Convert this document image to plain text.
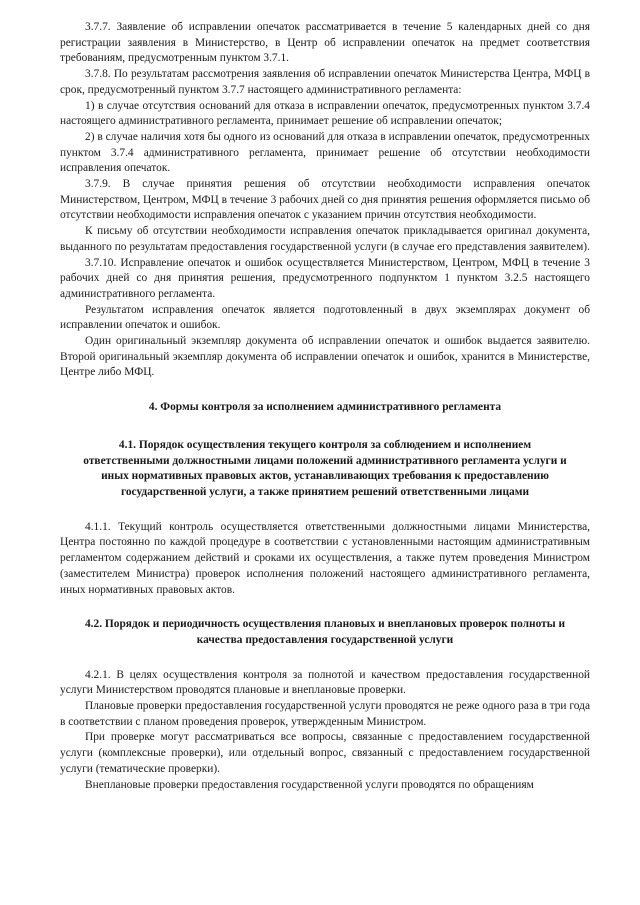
3.7.7. Заявление об исправлении опечаток рассматривается в течение 5 календарных дней со дня регистрации заявления в Министерство, в Центр об исправлении опечаток на предмет соответствия требованиям, предусмотренным пунктом 3.7.1.

3.7.8. По результатам рассмотрения заявления об исправлении опечаток Министерства Центра, МФЦ в срок, предусмотренный пунктом 3.7.7 настоящего административного регламента:

1) в случае отсутствия оснований для отказа в исправлении опечаток, предусмотренных пунктом 3.7.4 настоящего административного регламента, принимает решение об исправлении опечаток;

2) в случае наличия хотя бы одного из оснований для отказа в исправлении опечаток, предусмотренных пунктом 3.7.4 административного регламента, принимает решение об отсутствии необходимости исправления опечаток.

3.7.9. В случае принятия решения об отсутствии необходимости исправления опечаток Министерством, Центром, МФЦ в течение 3 рабочих дней со дня принятия решения оформляется письмо об отсутствии необходимости исправления опечаток с указанием причин отсутствия необходимости.

К письму об отсутствии необходимости исправления опечаток прикладывается оригинал документа, выданного по результатам предоставления государственной услуги (в случае его представления заявителем).

3.7.10. Исправление опечаток и ошибок осуществляется Министерством, Центром, МФЦ в течение 3 рабочих дней со дня принятия решения, предусмотренного подпунктом 1 пунктом 3.2.5 настоящего административного регламента.

Результатом исправления опечаток является подготовленный в двух экземплярах документ об исправлении опечаток и ошибок.

Один оригинальный экземпляр документа об исправлении опечаток и ошибок выдается заявителю. Второй оригинальный экземпляр документа об исправлении опечаток и ошибок, хранится в Министерстве, Центре либо МФЦ.

4. Формы контроля за исполнением административного регламента

4.1. Порядок осуществления текущего контроля за соблюдением и исполнением ответственными должностными лицами положений административного регламента услуги и иных нормативных правовых актов, устанавливающих требования к предоставлению государственной услуги, а также принятием решений ответственными лицами

4.1.1. Текущий контроль осуществляется ответственными должностными лицами Министерства, Центра постоянно по каждой процедуре в соответствии с установленными настоящим административным регламентом содержанием действий и сроками их осуществления, а также путем проведения Министром (заместителем Министра) проверок исполнения положений настоящего административного регламента, иных нормативных правовых актов.

4.2. Порядок и периодичность осуществления плановых и внеплановых проверок полноты и качества предоставления государственной услуги

4.2.1. В целях осуществления контроля за полнотой и качеством предоставления государственной услуги Министерством проводятся плановые и внеплановые проверки.

Плановые проверки предоставления государственной услуги проводятся не реже одного раза в три года в соответствии с планом проведения проверок, утвержденным Министром.

При проверке могут рассматриваться все вопросы, связанные с предоставлением государственной услуги (комплексные проверки), или отдельный вопрос, связанный с предоставлением государственной услуги (тематические проверки).

Внеплановые проверки предоставления государственной услуги проводятся по обращениям
